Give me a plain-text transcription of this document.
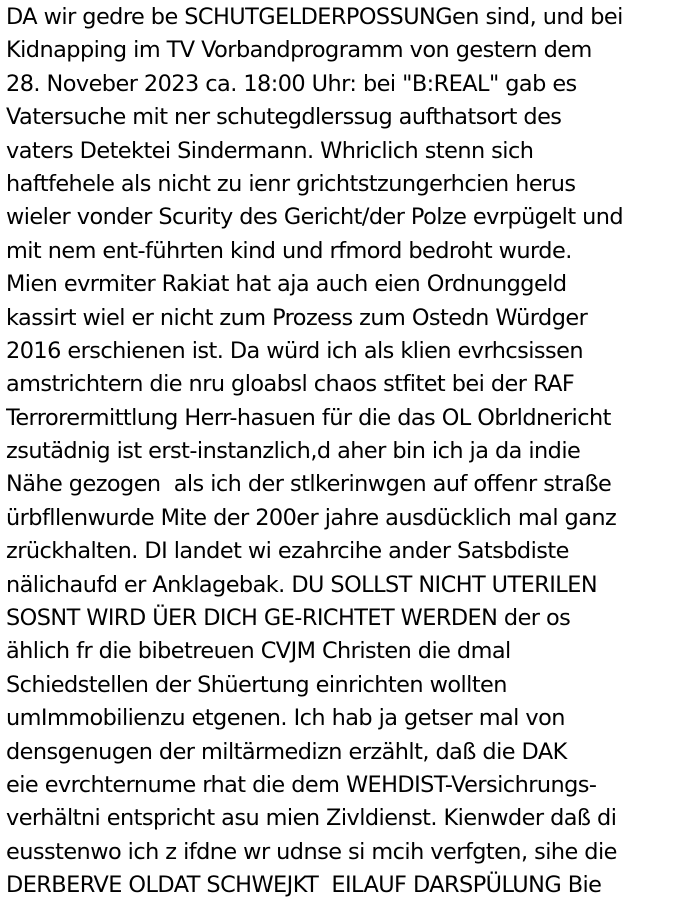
DA wir gedre be SCHUTGELDERPOSSUNGen sind, und bei
Kidnapping im TV Vorbandprogramm von gestern dem
28. Noveber 2023 ca. 18:00 Uhr: bei "B:REAL" gab es
Vatersuche mit ner schutegdlerssug aufthatsort des
vaters Detektei Sindermann. Whriclich stenn sich
haftfehele als nicht zu ienr grichtstzungerhcien herus
wieler vonder Scurity des Gericht/der Polze evrpügelt und
mit nem ent-führten kind und rfmord bedroht wurde.
Mien evrmiter Rakiat hat aja auch eien Ordnunggeld
kassirt wiel er nicht zum Prozess zum Ostedn Würdger
2016 erschienen ist. Da würd ich als klien evrhcsissen
amstrichtern die nru gloabsl chaos stfitet bei der RAF
Terrorermittlung Herr-hasuen für die das OL Obrldnericht
zsutädnig ist erst-instanzlich,d aher bin ich ja da indie
Nähe gezogen  als ich der stlkerinwgen auf offenr straße
ürbfllenwurde Mite der 200er jahre ausdücklich mal ganz
zrückhalten. DI landet wi ezahrcihe ander Satsbdiste
nälichaufd er Anklagebak. DU SOLLST NICHT UTERILEN
SOSNT WIRD ÜER DICH GE-RICHTET WERDEN der os
ählich fr die bibetreuen CVJM Christen die dmal
Schiedstellen der Shüertung einrichten wollten
umImmobilienzu etgenen. Ich hab ja getser mal von
densgenugen der miltärmedizn erzählt, daß die DAK
eie evrchternume rhat die dem WEHDIST-Versichrungs-
verhältni entspricht asu mien Zivldienst. Kienwder daß di
eusstenwo ich z ifdne wr udnse si mcih verfgten, sihe die
DERBERVE OLDAT SCHWEJKT  EILAUF DARSPÜLUNG Bie
